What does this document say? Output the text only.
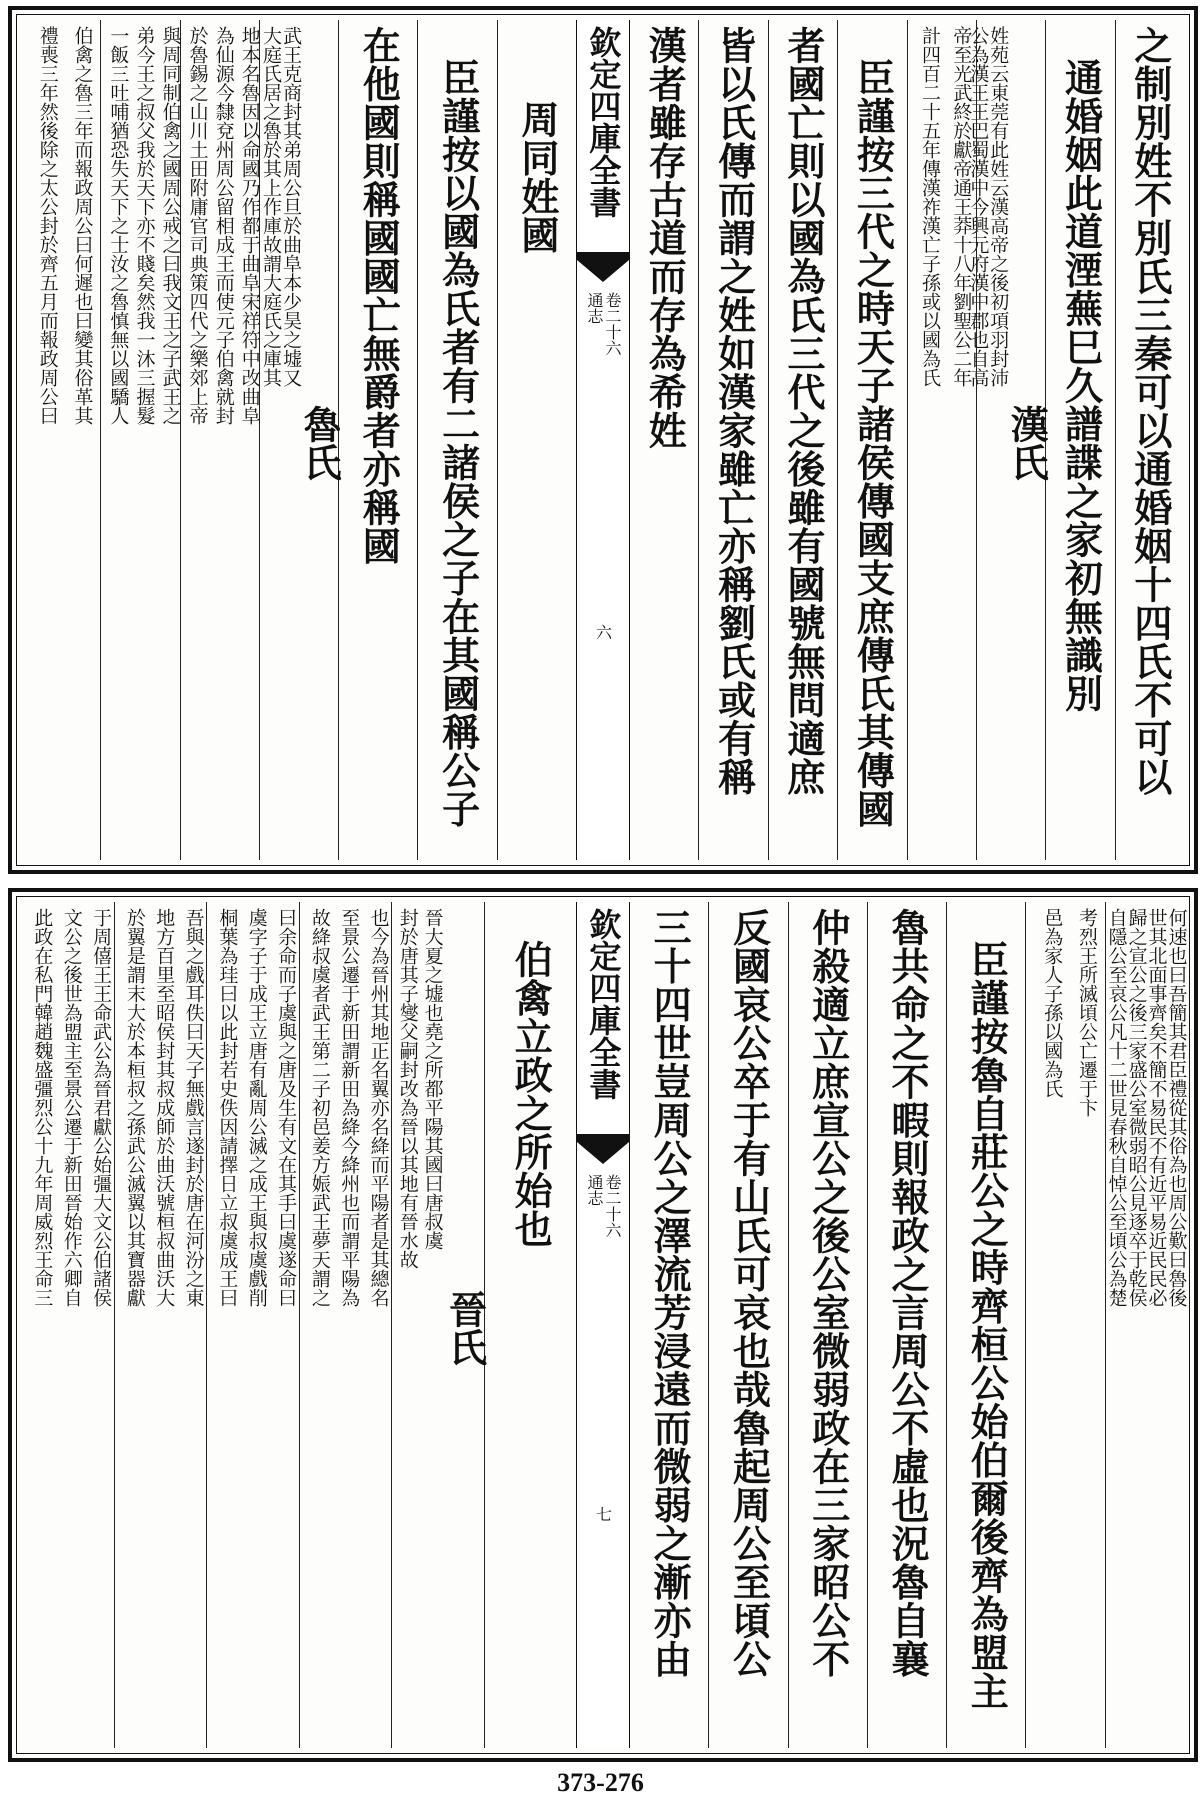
之制別姓不別氏三秦可以通婚姻十四氏不可以
通婚姻此道湮蕪巳久譜諜之家初無識別
漢氏
姓苑云東莞有此姓云漢高帝之後初項羽封沛
公為漢王王巴蜀漢中今興元府漢中郡也自高
帝至光武終於獻帝通王莽十八年劉聖公二年
計四百二十五年傳漢祚漢亡子孫或以國為氏
臣謹按三代之時天子諸侯傳國支庶傳氏其傳國
者國亡則以國為氏三代之後雖有國號無問適庶
皆以氏傳而謂之姓如漢家雖亡亦稱劉氏或有稱
漢者雖存古道而存為希姓
欽定四庫全書
通志 卷二十六
六
周同姓國
臣謹按以國為氏者有二諸侯之子在其國稱公子
在他國則稱國國亡無爵者亦稱國
魯氏
武王克商封其弟周公旦於曲阜本少昊之墟又
大庭氏居之魯於其上作庫故謂大庭氏之庫其
地本名魯因以命國乃作都于曲阜宋祥符中改曲阜
為仙源今隸兗州周公留相成王而使元子伯禽就封
於魯錫之山川土田附庸官司典策四代之樂郊上帝
與周同制伯禽之國周公戒之曰我文王之子武王之
弟今王之叔父我於天下亦不賤矣然我一沐三握髮
一飯三吐哺猶恐失天下之士汝之魯慎無以國驕人
伯禽之魯三年而報政周公曰何遲也曰變其俗革其
禮喪三年然後除之太公封於齊五月而報政周公曰
何速也曰吾簡其君臣禮從其俗為也周公歎曰魯後
世其北面事齊矣不簡不易民不有近平易近民民必
歸之宣公之後三家盛公室微弱昭公見逐卒于乾侯
自隱公至哀公凡十二世見春秋自悼公至頃公為楚
考烈王所滅頃公亡遷于卞
邑為家人子孫以國為氏
臣謹按魯自莊公之時齊桓公始伯爾後齊為盟主
魯共命之不暇則報政之言周公不虛也況魯自襄
仲殺適立庶宣公之後公室微弱政在三家昭公不
反國哀公卒于有山氏可哀也哉魯起周公至頃公
三十四世豈周公之澤流芳浸遠而微弱之漸亦由
欽定四庫全書
通志 卷二十六
七
伯禽立政之所始也
晉氏
晉大夏之墟也堯之所都平陽其國曰唐叔虞
封於唐其子燮父嗣封改為晉以其地有晉水故
也今為晉州其地正名翼亦名絳而平陽者是其總名
至景公遷于新田謂新田為絳今絳州也而謂平陽為
故絳叔虞者武王第二子初邑姜方娠武王夢天謂之
曰余命而子虞與之唐及生有文在其手曰虞遂命曰
虞字子于成王立唐有亂周公滅之成王與叔虞戲削
桐葉為珪曰以此封若史佚因請擇日立叔虞成王曰
吾與之戲耳佚曰天子無戲言遂封於唐在河汾之東
地方百里至昭侯封其叔成師於曲沃號桓叔曲沃大
於翼是謂末大於本桓叔之孫武公滅翼以其寶器獻
于周僖王王命武公為晉君獻公始彊大文公伯諸侯
文公之後世為盟主至景公遷于新田晉始作六卿自
此政在私門韓趙魏盛彊烈公十九年周威烈王命三
373-276
